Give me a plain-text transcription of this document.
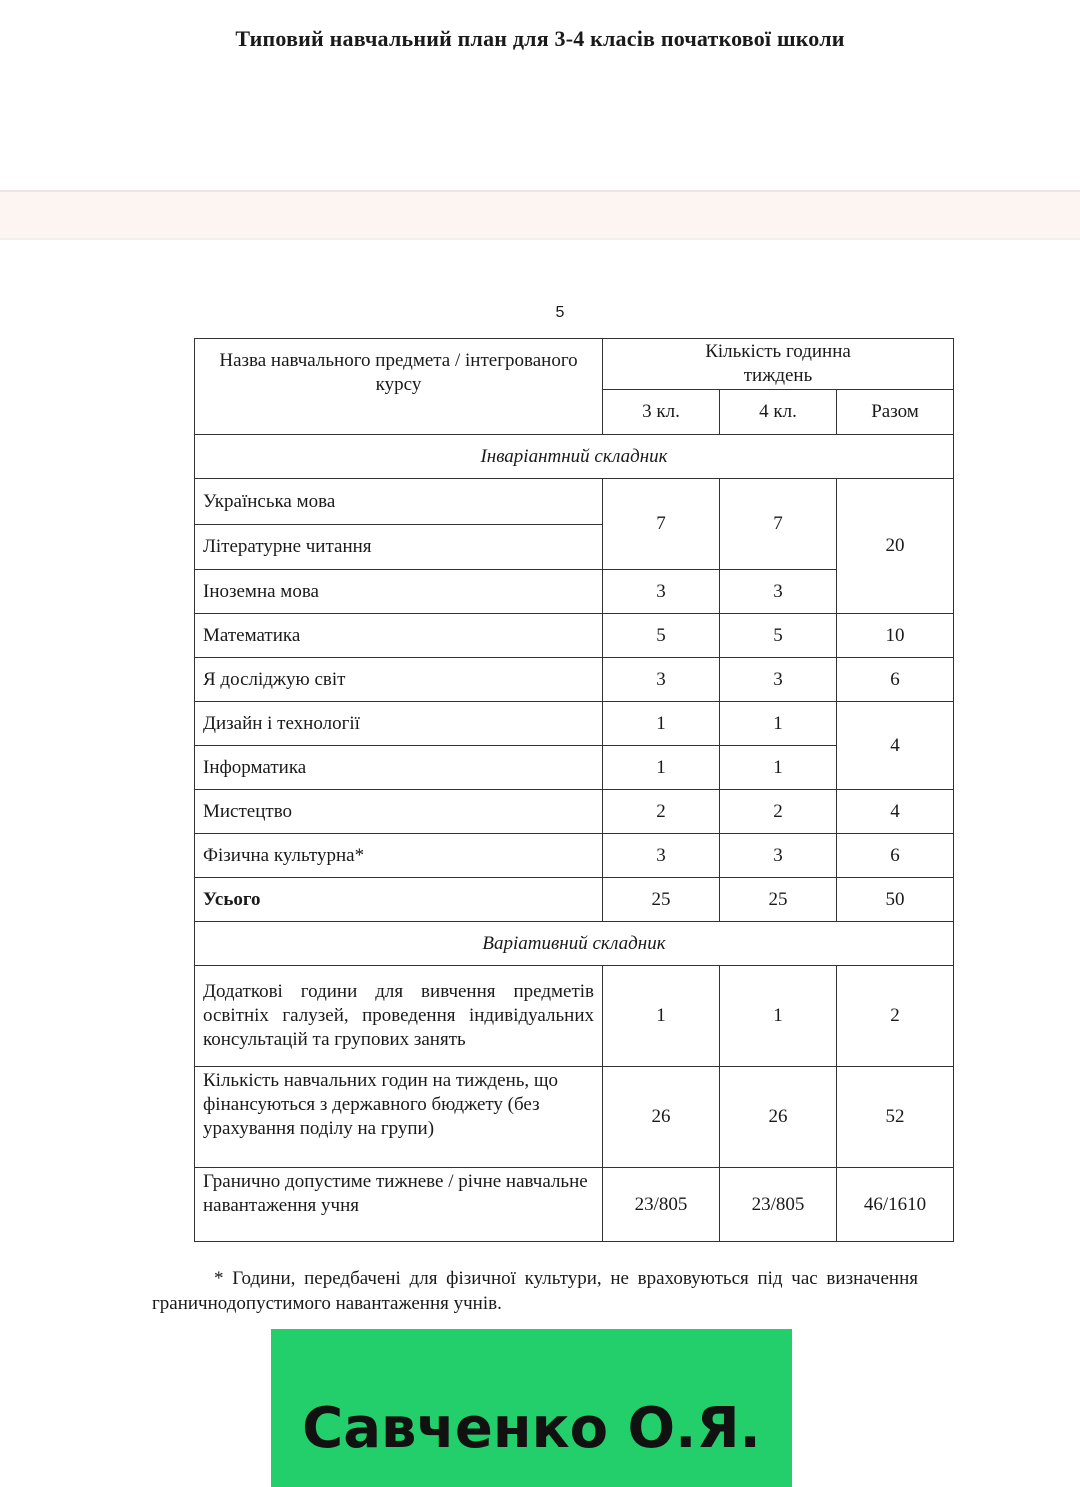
Типовий навчальний план для 3-4 класів початкової школи
5
Назва навчального предмета / інтегрованого курсу	Кількість годинна тиждень		
	3 кл.	4 кл.	Разом
Інваріантний складник			
Українська мова	7	7	20
Літературне читання			
Іноземна мова	3	3	
Математика	5	5	10
Я досліджую світ	3	3	6
Дизайн і технології	1	1	4
Інформатика	1	1	
Мистецтво	2	2	4
Фізична культурна*	3	3	6
Усього	25	25	50
Варіативний складник			
Додаткові години для вивчення предметів освітніх галузей, проведення індивідуальних консультацій та групових занять	1	1	2
Кількість навчальних годин на тиждень, що фінансуються з державного бюджету (без урахування поділу на групи)	26	26	52
Гранично допустиме тижневе / річне навчальне навантаження учня	23/805	23/805	46/1610
* Години, передбачені для фізичної культури, не враховуються під час визначення граничнодопустимого навантаження учнів.
Савченко О.Я.
